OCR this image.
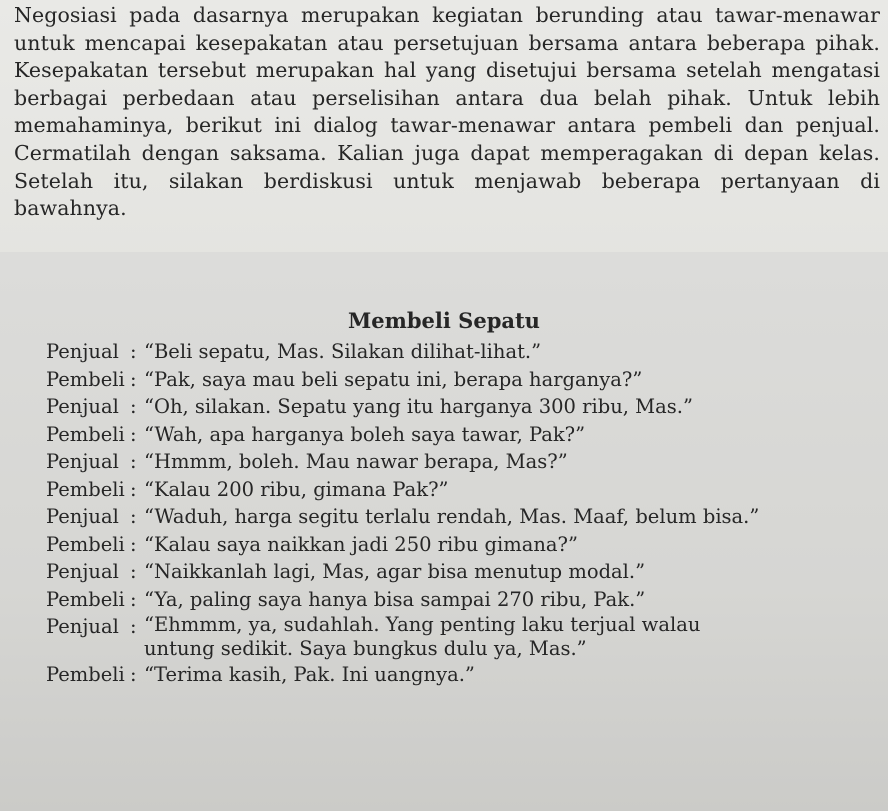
Negosiasi pada dasarnya merupakan kegiatan berunding atau tawar-menawar untuk mencapai kesepakatan atau persetujuan bersama antara beberapa pihak. Kesepakatan tersebut merupakan hal yang disetujui bersama setelah mengatasi berbagai perbedaan atau perselisihan antara dua belah pihak. Untuk lebih memahaminya, berikut ini dialog tawar-menawar antara pembeli dan penjual. Cermatilah dengan saksama. Kalian juga dapat memperagakan di depan kelas. Setelah itu, silakan berdiskusi untuk menjawab beberapa pertanyaan di bawahnya.

Membeli Sepatu
Penjual : “Beli sepatu, Mas. Silakan dilihat-lihat.”
Pembeli : “Pak, saya mau beli sepatu ini, berapa harganya?”
Penjual : “Oh, silakan. Sepatu yang itu harganya 300 ribu, Mas.”
Pembeli : “Wah, apa harganya boleh saya tawar, Pak?”
Penjual : “Hmmm, boleh. Mau nawar berapa, Mas?”
Pembeli : “Kalau 200 ribu, gimana Pak?”
Penjual : “Waduh, harga segitu terlalu rendah, Mas. Maaf, belum bisa.”
Pembeli : “Kalau saya naikkan jadi 250 ribu gimana?”
Penjual : “Naikkanlah lagi, Mas, agar bisa menutup modal.”
Pembeli : “Ya, paling saya hanya bisa sampai 270 ribu, Pak.”
Penjual : “Ehmmm, ya, sudahlah. Yang penting laku terjual walau untung sedikit. Saya bungkus dulu ya, Mas.”
Pembeli : “Terima kasih, Pak. Ini uangnya.”
